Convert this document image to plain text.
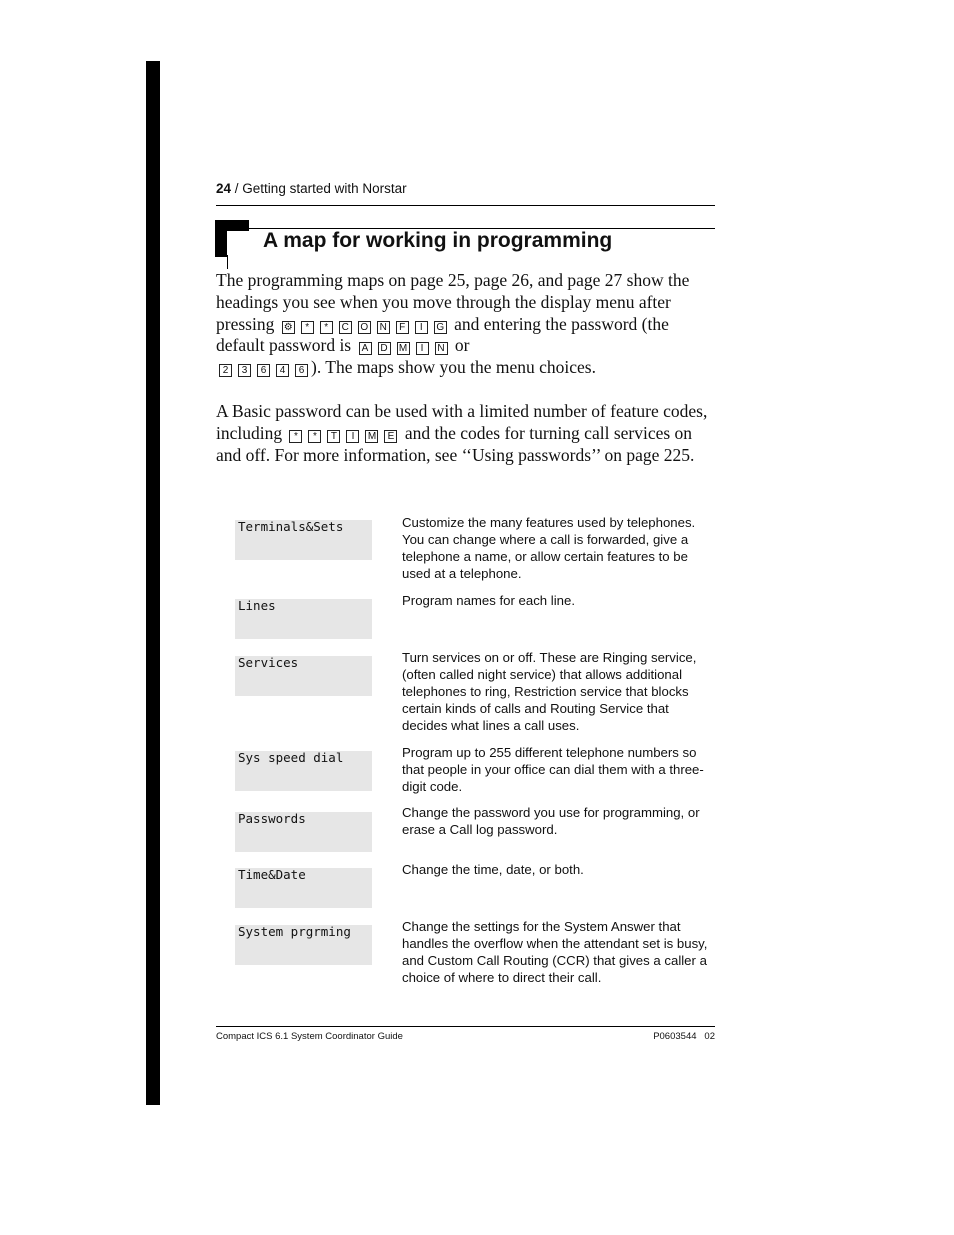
24 / Getting started with Norstar
A map for working in programming
The programming maps on page 25, page 26, and page 27 show the headings you see when you move through the display menu after pressing ⚙ * * C O N F I G and entering the password (the default password is A D M I N or
2 3 6 4 6 ). The maps show you the menu choices.
A Basic password can be used with a limited number of feature codes, including * * T I M E and the codes for turning call services on and off. For more information, see ‘‘Using passwords’’ on page 225.
Terminals&Sets	Customize the many features used by telephones. You can change where a call is forwarded, give a telephone a name, or allow certain features to be used at a telephone.
Lines	Program names for each line.
Services	Turn services on or off. These are Ringing service, (often called night service) that allows additional telephones to ring, Restriction service that blocks certain kinds of calls and Routing Service that decides what lines a call uses.
Sys speed dial	Program up to 255 different telephone numbers so that people in your office can dial them with a three-digit code.
Passwords	Change the password you use for programming, or erase a Call log password.
Time&Date	Change the time, date, or both.
System prgrming	Change the settings for the System Answer that handles the overflow when the attendant set is busy, and Custom Call Routing (CCR) that gives a caller a choice of where to direct their call.
Compact ICS 6.1 System Coordinator Guide	P0603544   02
